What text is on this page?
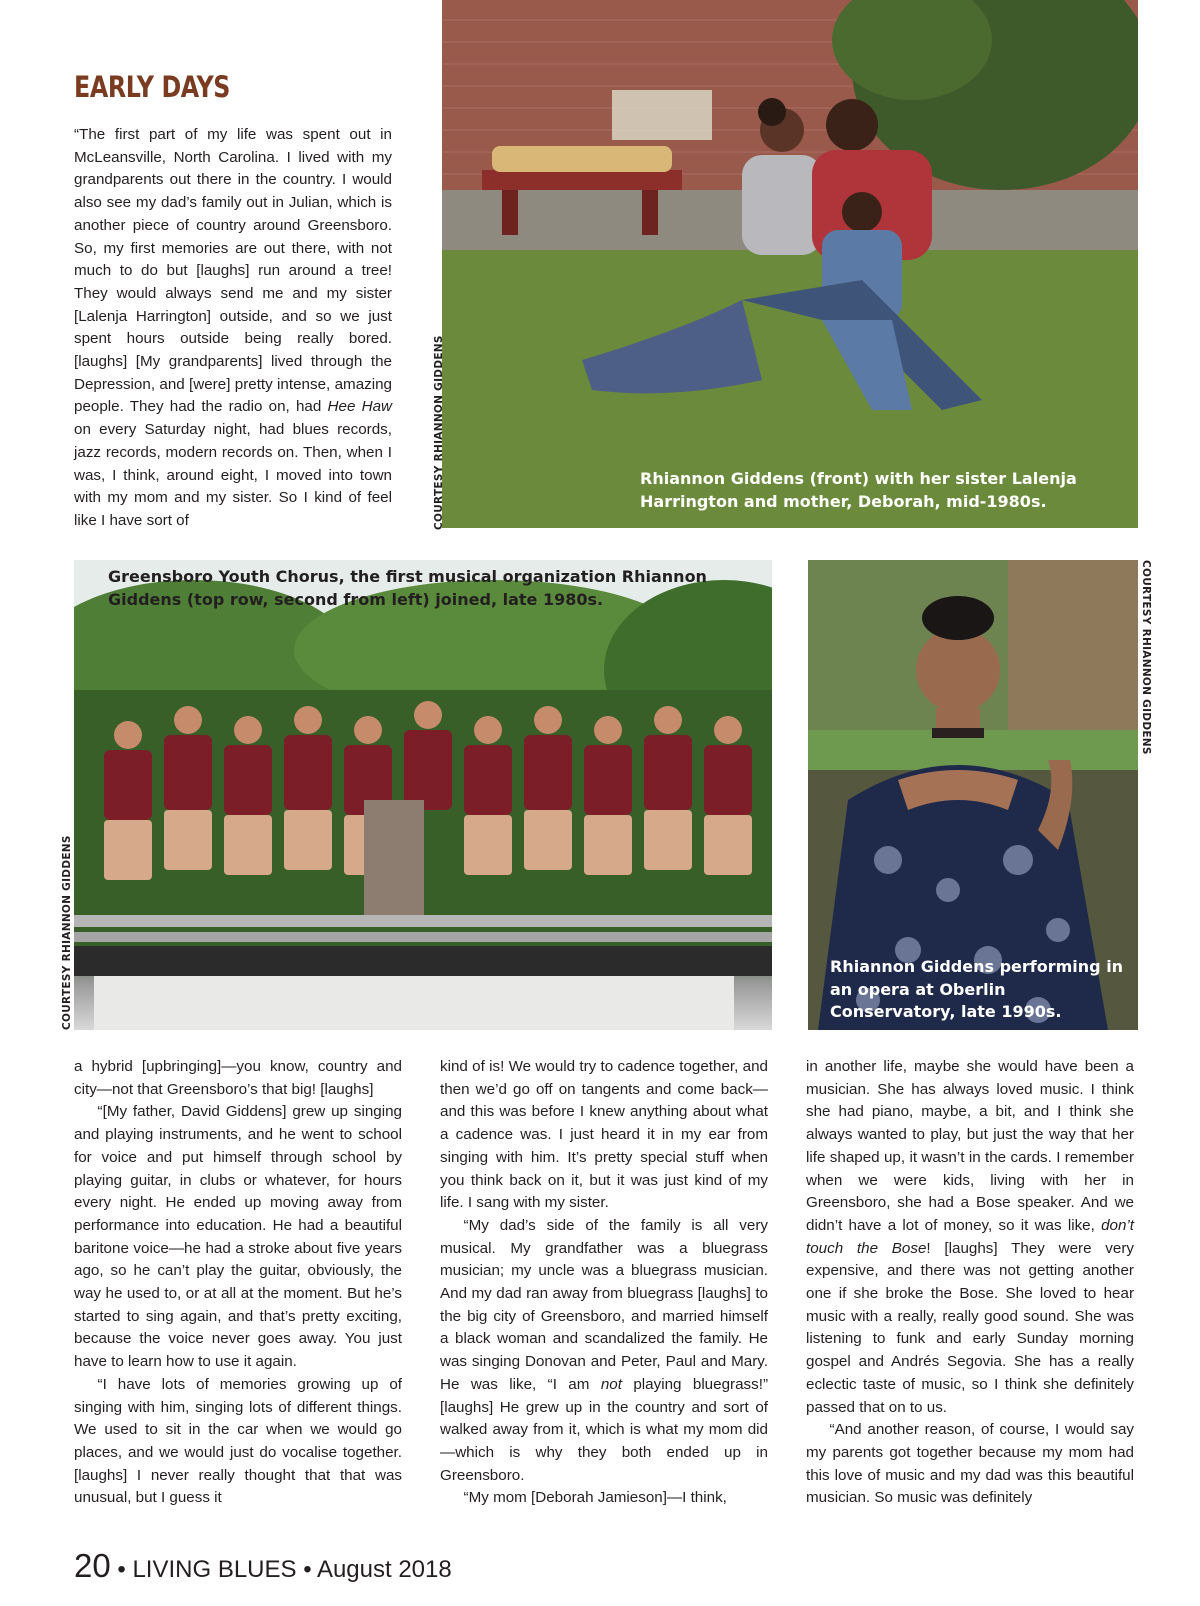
EARLY DAYS

“The first part of my life was spent out in McLeansville, North Carolina. I lived with my grandparents out there in the country. I would also see my dad’s family out in Julian, which is another piece of country around Greensboro. So, my first memories are out there, with not much to do but [laughs] run around a tree! They would always send me and my sister [Lalenja Harrington] outside, and so we just spent hours outside being really bored. [laughs] [My grandparents] lived through the Depression, and [were] pretty intense, amazing people. They had the radio on, had Hee Haw on every Saturday night, had blues records, jazz records, modern records on. Then, when I was, I think, around eight, I moved into town with my mom and my sister. So I kind of feel like I have sort of

Rhiannon Giddens (front) with her sister Lalenja Harrington and mother, Deborah, mid-1980s.

COURTESY RHIANNON GIDDENS

Greensboro Youth Chorus, the first musical organization Rhiannon Giddens (top row, second from left) joined, late 1980s.

COURTESY RHIANNON GIDDENS	Rhiannon Giddens performing in an opera at Oberlin Conservatory, late 1990s.

COURTESY RHIANNON GIDDENS

a hybrid [upbringing]—you know, country and city—not that Greensboro’s that big! [laughs]

“[My father, David Giddens] grew up singing and playing instruments, and he went to school for voice and put himself through school by playing guitar, in clubs or whatever, for hours every night. He ended up moving away from performance into education. He had a beautiful baritone voice—he had a stroke about five years ago, so he can’t play the guitar, obviously, the way he used to, or at all at the moment. But he’s started to sing again, and that’s pretty exciting, because the voice never goes away. You just have to learn how to use it again.

“I have lots of memories growing up of singing with him, singing lots of different things. We used to sit in the car when we would go places, and we would just do vocalise together. [laughs] I never really thought that that was unusual, but I guess it

kind of is! We would try to cadence together, and then we’d go off on tangents and come back—and this was before I knew anything about what a cadence was. I just heard it in my ear from singing with him. It’s pretty special stuff when you think back on it, but it was just kind of my life. I sang with my sister.

“My dad’s side of the family is all very musical. My grandfather was a bluegrass musician; my uncle was a bluegrass musician. And my dad ran away from bluegrass [laughs] to the big city of Greensboro, and married himself a black woman and scandalized the family. He was singing Donovan and Peter, Paul and Mary. He was like, “I am not playing bluegrass!” [laughs] He grew up in the country and sort of walked away from it, which is what my mom did—which is why they both ended up in Greensboro.

“My mom [Deborah Jamieson]—I think,

in another life, maybe she would have been a musician. She has always loved music. I think she had piano, maybe, a bit, and I think she always wanted to play, but just the way that her life shaped up, it wasn’t in the cards. I remember when we were kids, living with her in Greensboro, she had a Bose speaker. And we didn’t have a lot of money, so it was like, don’t touch the Bose! [laughs] They were very expensive, and there was not getting another one if she broke the Bose. She loved to hear music with a really, really good sound. She was listening to funk and early Sunday morning gospel and Andrés Segovia. She has a really eclectic taste of music, so I think she definitely passed that on to us.

“And another reason, of course, I would say my parents got together because my mom had this love of music and my dad was this beautiful musician. So music was definitely

20 • LIVING BLUES • August 2018
